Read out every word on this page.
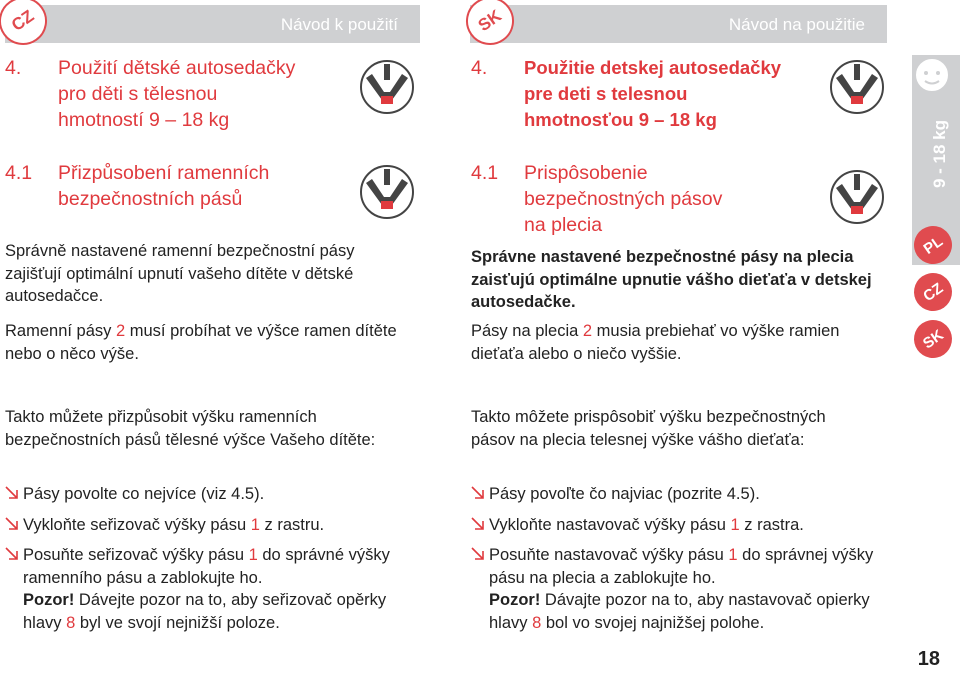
CZ	Návod k použití	SK	Návod na použitie
4. Použití dětské autosedačky
pro děti s tělesnou
hmotností 9 – 18 kg
4.1 Přizpůsobení ramenních
bezpečnostních pásů
Správně nastavené ramenní bezpečnostní pásy zajišťují optimální upnutí vašeho dítěte v dětské autosedačce.
Ramenní pásy 2 musí probíhat ve výšce ramen dítěte nebo o něco výše.
4. Použitie detskej autosedačky
pre deti s telesnou
hmotnosťou 9 – 18 kg
4.1 Prispôsobenie
bezpečnostných pásov
na plecia
Správne nastavené bezpečnostné pásy na plecia zaisťujú optimálne upnutie vášho dieťaťa v detskej autosedačke.
Pásy na plecia 2 musia prebiehať vo výške ramien dieťaťa alebo o niečo vyššie.
Takto můžete přizpůsobit výšku ramenních bezpečnostních pásů tělesné výšce Vašeho dítěte:
Pásy povolte co nejvíce (viz 4.5).
Vykloňte seřizovač výšky pásu 1 z rastru.
Posuňte seřizovač výšky pásu 1 do správné výšky ramenního pásu a zablokujte ho.
Pozor! Dávejte pozor na to, aby seřizovač opěrky hlavy 8 byl ve svojí nejnižší poloze.
Takto môžete prispôsobiť výšku bezpečnostných pásov na plecia telesnej výške vášho dieťaťa:
Pásy povoľte čo najviac (pozrite 4.5).
Vykloňte nastavovač výšky pásu 1 z rastra.
Posuňte nastavovač výšky pásu 1 do správnej výšky pásu na plecia a zablokujte ho.
Pozor! Dávajte pozor na to, aby nastavovač opierky hlavy 8 bol vo svojej najnižšej polohe.
9 - 18 kg
PL
CZ
SK
18
